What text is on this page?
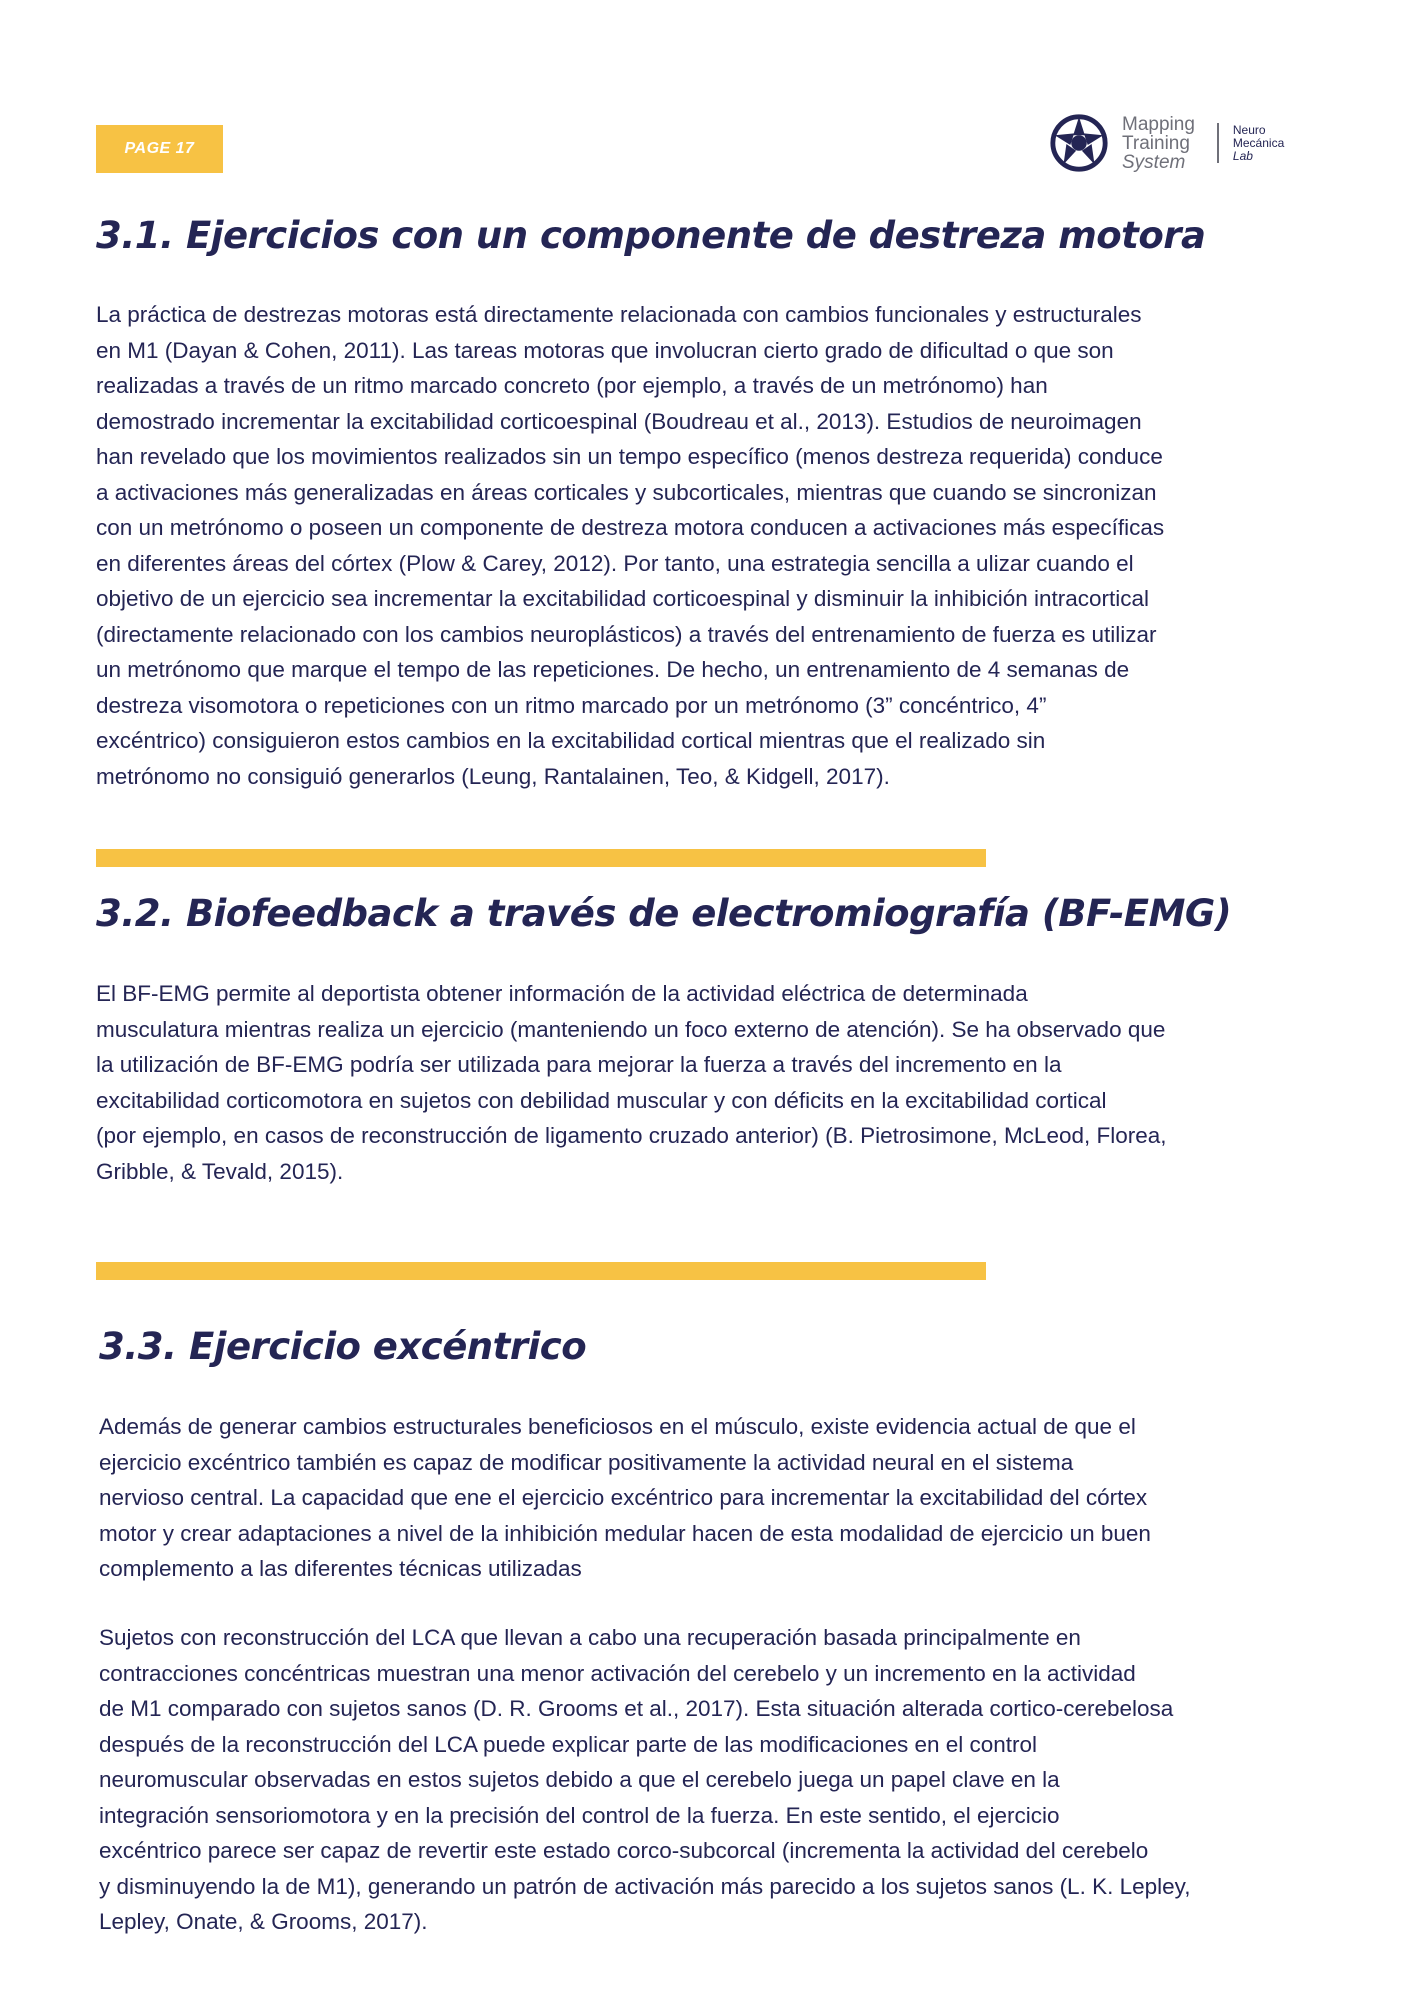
PAGE 17
Mapping
Training
System
Neuro
Mecánica
Lab
3.1. Ejercicios con un componente de destreza motora

La práctica de destrezas motoras está directamente relacionada con cambios funcionales y estructurales
en M1 (Dayan & Cohen, 2011). Las tareas motoras que involucran cierto grado de dificultad o que son
realizadas a través de un ritmo marcado concreto (por ejemplo, a través de un metrónomo) han
demostrado incrementar la excitabilidad corticoespinal (Boudreau et al., 2013). Estudios de neuroimagen
han revelado que los movimientos realizados sin un tempo específico (menos destreza requerida) conduce
a activaciones más generalizadas en áreas corticales y subcorticales, mientras que cuando se sincronizan
con un metrónomo o poseen un componente de destreza motora conducen a activaciones más específicas
en diferentes áreas del córtex (Plow & Carey, 2012). Por tanto, una estrategia sencilla a ulizar cuando el
objetivo de un ejercicio sea incrementar la excitabilidad corticoespinal y disminuir la inhibición intracortical
(directamente relacionado con los cambios neuroplásticos) a través del entrenamiento de fuerza es utilizar
un metrónomo que marque el tempo de las repeticiones. De hecho, un entrenamiento de 4 semanas de
destreza visomotora o repeticiones con un ritmo marcado por un metrónomo (3” concéntrico, 4”
excéntrico) consiguieron estos cambios en la excitabilidad cortical mientras que el realizado sin
metrónomo no consiguió generarlos (Leung, Rantalainen, Teo, & Kidgell, 2017).

3.2. Biofeedback a través de electromiografía (BF-EMG)

El BF-EMG permite al deportista obtener información de la actividad eléctrica de determinada
musculatura mientras realiza un ejercicio (manteniendo un foco externo de atención). Se ha observado que
la utilización de BF-EMG podría ser utilizada para mejorar la fuerza a través del incremento en la
excitabilidad corticomotora en sujetos con debilidad muscular y con déficits en la excitabilidad cortical
(por ejemplo, en casos de reconstrucción de ligamento cruzado anterior) (B. Pietrosimone, McLeod, Florea,
Gribble, & Tevald, 2015).

3.3. Ejercicio excéntrico

Además de generar cambios estructurales beneficiosos en el músculo, existe evidencia actual de que el
ejercicio excéntrico también es capaz de modificar positivamente la actividad neural en el sistema
nervioso central. La capacidad que ene el ejercicio excéntrico para incrementar la excitabilidad del córtex
motor y crear adaptaciones a nivel de la inhibición medular hacen de esta modalidad de ejercicio un buen
complemento a las diferentes técnicas utilizadas

Sujetos con reconstrucción del LCA que llevan a cabo una recuperación basada principalmente en
contracciones concéntricas muestran una menor activación del cerebelo y un incremento en la actividad
de M1 comparado con sujetos sanos (D. R. Grooms et al., 2017). Esta situación alterada cortico-cerebelosa
después de la reconstrucción del LCA puede explicar parte de las modificaciones en el control
neuromuscular observadas en estos sujetos debido a que el cerebelo juega un papel clave en la
integración sensoriomotora y en la precisión del control de la fuerza. En este sentido, el ejercicio
excéntrico parece ser capaz de revertir este estado corco-subcorcal (incrementa la actividad del cerebelo
y disminuyendo la de M1), generando un patrón de activación más parecido a los sujetos sanos (L. K. Lepley,
Lepley, Onate, & Grooms, 2017).
